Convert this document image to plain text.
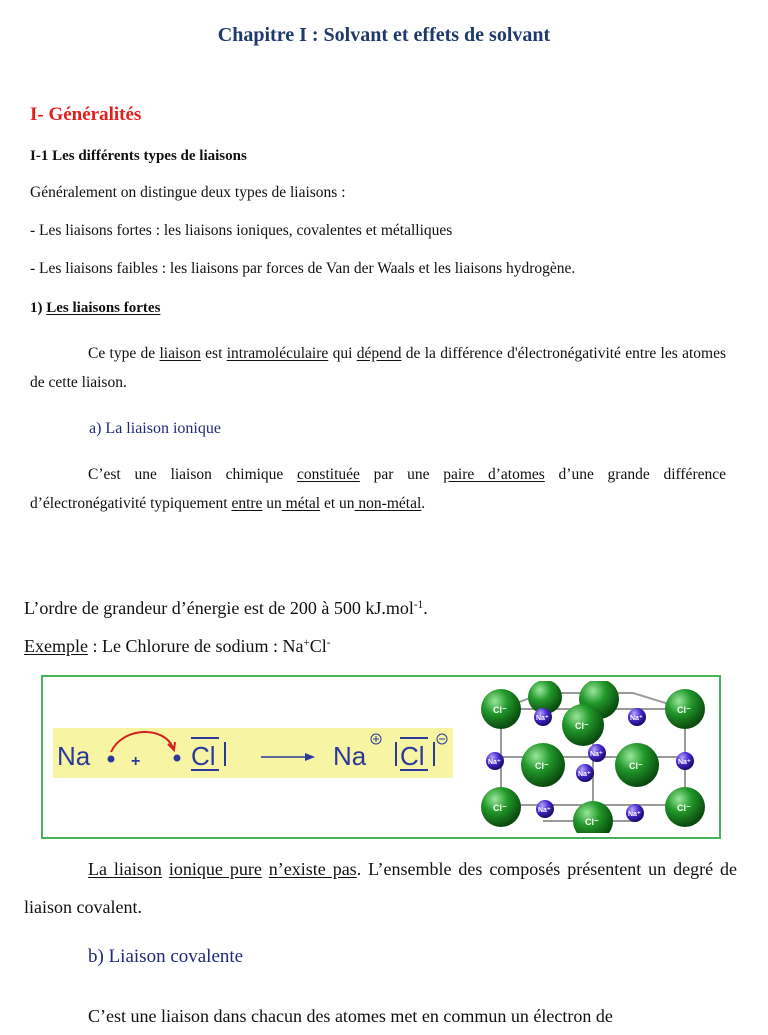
Chapitre I : Solvant et effets de solvant
I- Généralités
I-1 Les différents types de liaisons
Généralement on distingue deux types de liaisons :
- Les liaisons fortes : les liaisons ioniques, covalentes et métalliques
- Les liaisons faibles : les liaisons par forces de Van der Waals et les liaisons hydrogène.
1) Les liaisons fortes
Ce type de liaison est intramoléculaire qui dépend de la différence d'électronégativité entre les atomes de cette liaison.
a) La liaison ionique
C’est une liaison chimique constituée par une paire d’atomes d’une grande différence d’électronégativité typiquement entre un métal et un non-métal.
L’ordre de grandeur d’énergie est de 200 à 500 kJ.mol$^{-1}$.
Exemple : Le Chlorure de sodium : Na+Cl-
Na	+ Cl	Na Cl
Cl⁻	Cl⁻
Cl⁻
Cl⁻	Cl⁻
Cl⁻	Cl⁻
Cl⁻
Na⁺	Na⁺
Na⁺	Na⁺
Na⁺
Na⁺
Na⁺
Na⁺
La liaison ionique pure n’existe pas. L’ensemble des composés présentent un degré de liaison covalent.
b) Liaison covalente
C’est une liaison dans chacun des atomes met en commun un électron de
